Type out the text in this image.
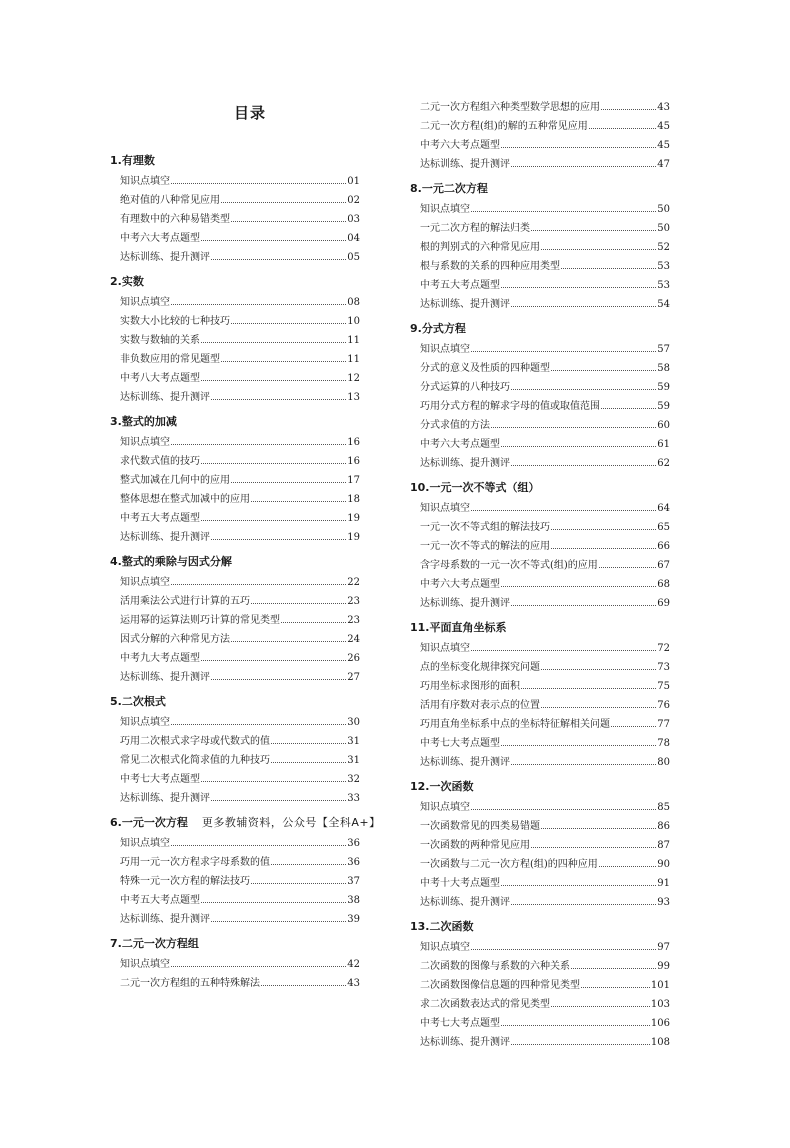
目录
1.有理数
知识点填空	01
绝对值的八种常见应用	02
有理数中的六种易错类型	03
中考六大考点题型	04
达标训练、提升测评	05
2.实数
知识点填空	08
实数大小比较的七种技巧	10
实数与数轴的关系	11
非负数应用的常见题型	11
中考八大考点题型	12
达标训练、提升测评	13
3.整式的加减
知识点填空	16
求代数式值的技巧	16
整式加减在几何中的应用	17
整体思想在整式加减中的应用	18
中考五大考点题型	19
达标训练、提升测评	19
4.整式的乘除与因式分解
知识点填空	22
活用乘法公式进行计算的五巧	23
运用幂的运算法则巧计算的常见类型	23
因式分解的六种常见方法	24
中考九大考点题型	26
达标训练、提升测评	27
5.二次根式
知识点填空	30
巧用二次根式求字母或代数式的值	31
常见二次根式化简求值的九种技巧	31
中考七大考点题型	32
达标训练、提升测评	33
6.一元一次方程 更多教辅资料，公众号【全科A+】
知识点填空	36
巧用一元一次方程求字母系数的值	36
特殊一元一次方程的解法技巧	37
中考五大考点题型	38
达标训练、提升测评	39
7.二元一次方程组
知识点填空	42
二元一次方程组的五种特殊解法	43
二元一次方程组六种类型数学思想的应用	43
二元一次方程(组)的解的五种常见应用	45
中考六大考点题型	45
达标训练、提升测评	47
8.一元二次方程
知识点填空	50
一元二次方程的解法归类	50
根的判别式的六种常见应用	52
根与系数的关系的四种应用类型	53
中考五大考点题型	53
达标训练、提升测评	54
9.分式方程
知识点填空	57
分式的意义及性质的四种题型	58
分式运算的八种技巧	59
巧用分式方程的解求字母的值或取值范围	59
分式求值的方法	60
中考六大考点题型	61
达标训练、提升测评	62
10.一元一次不等式（组）
知识点填空	64
一元一次不等式组的解法技巧	65
一元一次不等式的解法的应用	66
含字母系数的一元一次不等式(组)的应用	67
中考六大考点题型	68
达标训练、提升测评	69
11.平面直角坐标系
知识点填空	72
点的坐标变化规律探究问题	73
巧用坐标求图形的面积	75
活用有序数对表示点的位置	76
巧用直角坐标系中点的坐标特征解相关问题	77
中考七大考点题型	78
达标训练、提升测评	80
12.一次函数
知识点填空	85
一次函数常见的四类易错题	86
一次函数的两种常见应用	87
一次函数与二元一次方程(组)的四种应用	90
中考十大考点题型	91
达标训练、提升测评	93
13.二次函数
知识点填空	97
二次函数的图像与系数的六种关系	99
二次函数图像信息题的四种常见类型	101
求二次函数表达式的常见类型	103
中考七大考点题型	106
达标训练、提升测评	108
